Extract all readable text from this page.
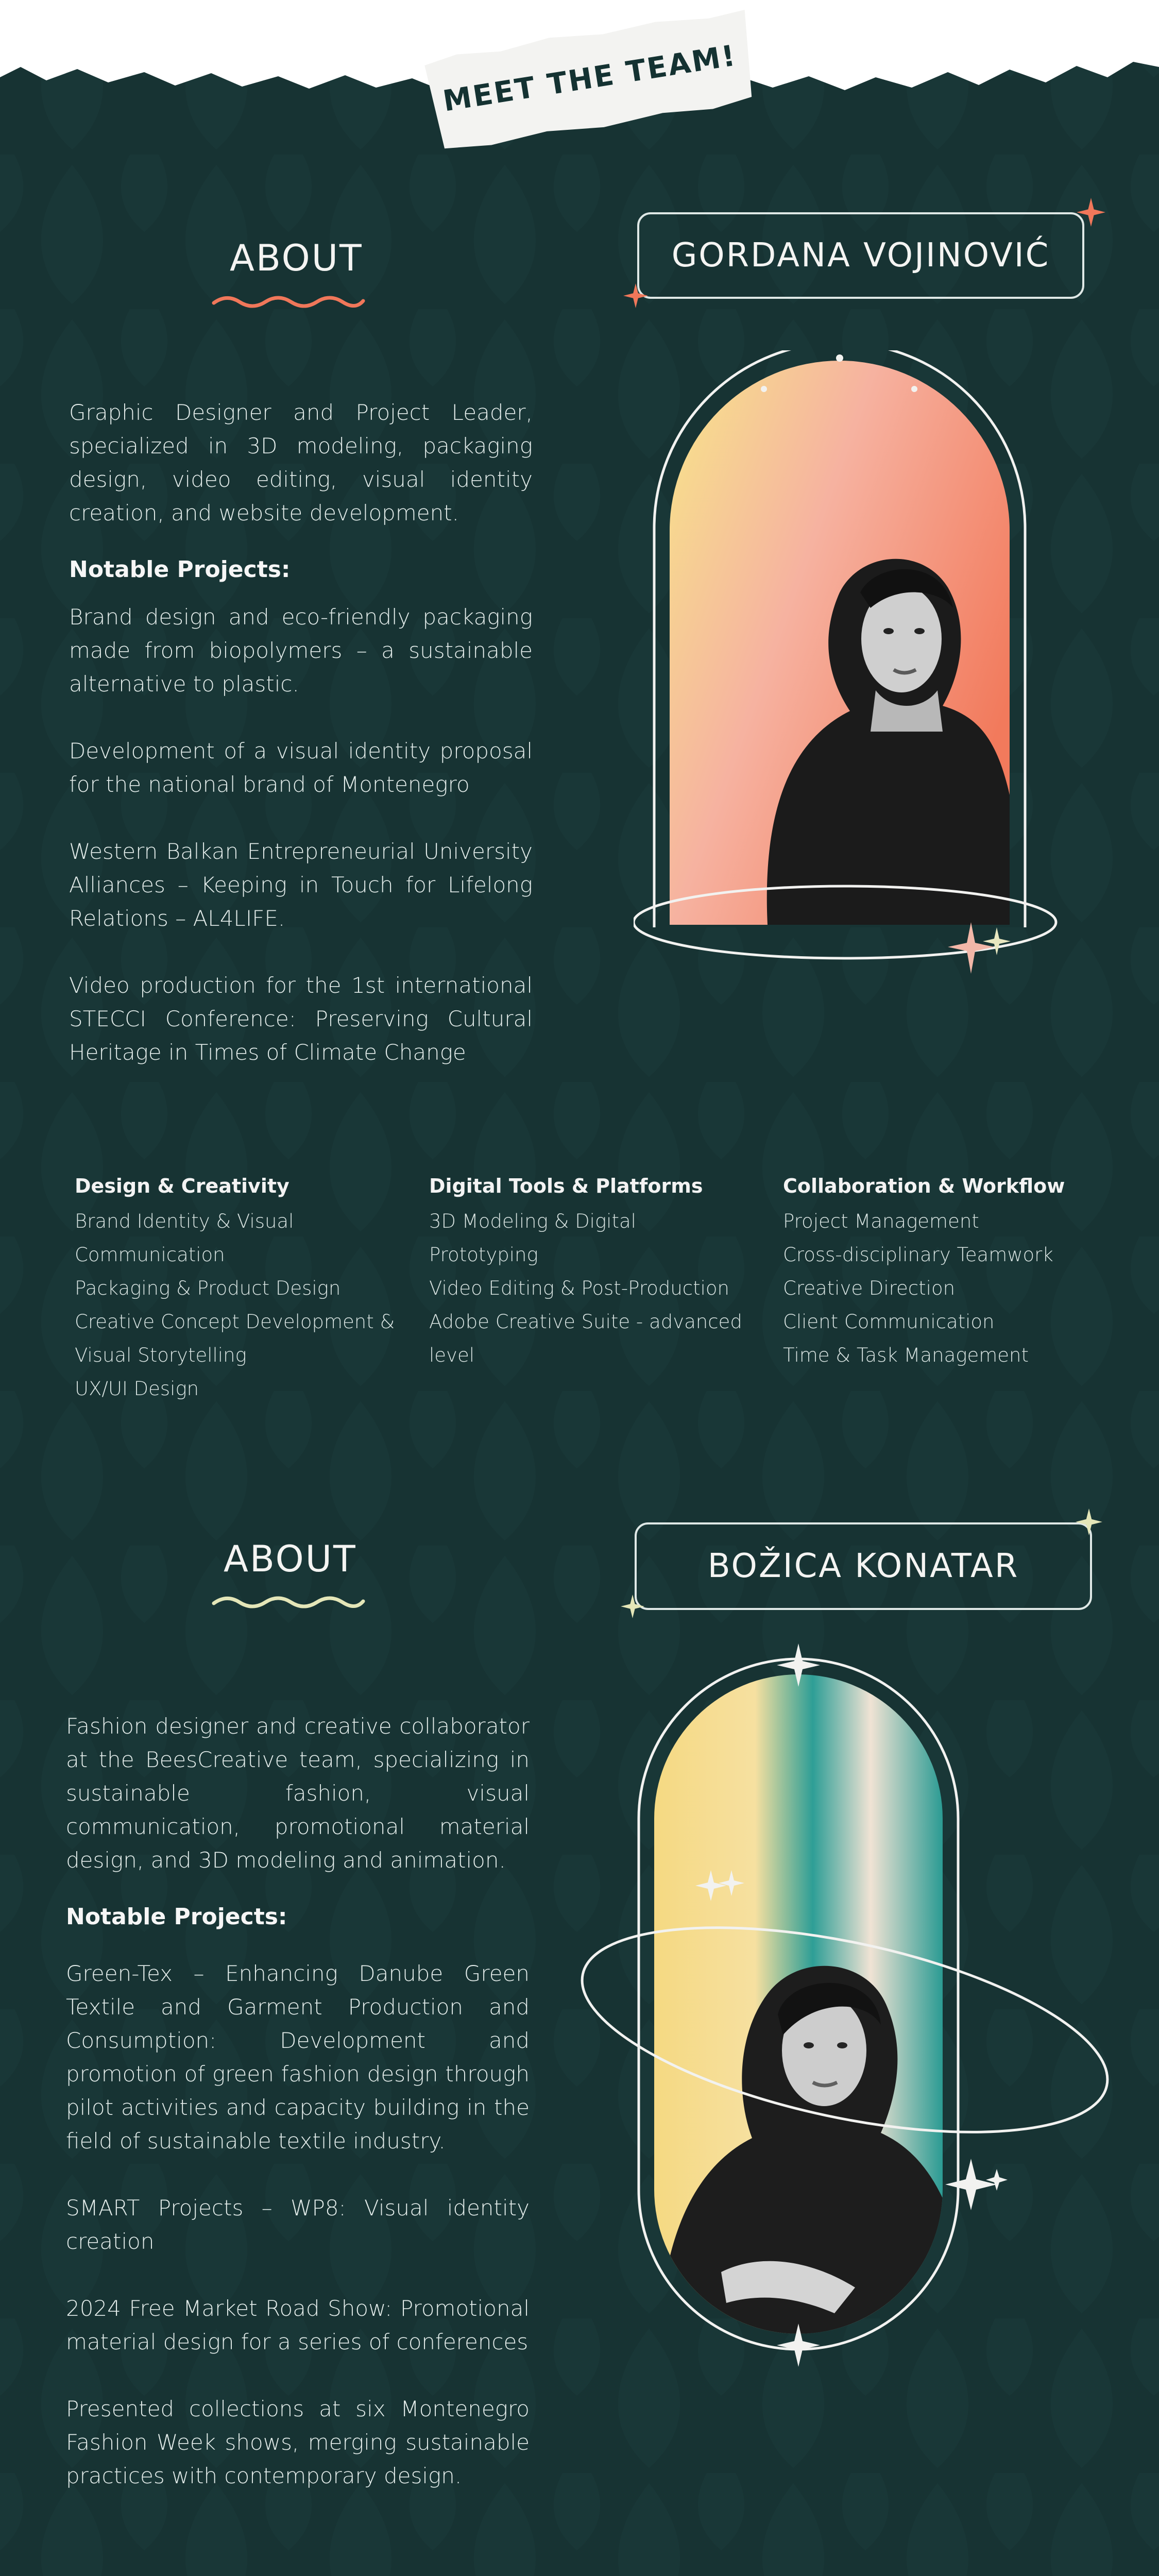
MEET THE TEAM!
ABOUT	GORDANA VOJINOVIĆ

Graphic Designer and Project Leader, specialized in 3D modeling, packaging design, video editing, visual identity creation, and website development.

Notable Projects:

Brand design and eco-friendly packaging made from biopolymers – a sustainable alternative to plastic.

Development of a visual identity proposal for the national brand of Montenegro

Western Balkan Entrepreneurial University Alliances – Keeping in Touch for Lifelong Relations – AL4LIFE.

Video production for the 1st international STECCI Conference: Preserving Cultural Heritage in Times of Climate Change

Design & Creativity
Brand Identity & Visual
Communication
Packaging & Product Design
Creative Concept Development &
Visual Storytelling
UX/UI Design
Digital Tools & Platforms
3D Modeling & Digital
Prototyping
Video Editing & Post-Production
Adobe Creative Suite - advanced
level
Collaboration & Workflow
Project Management
Cross-disciplinary Teamwork
Creative Direction
Client Communication
Time & Task Management
ABOUT	BOŽICA KONATAR

Fashion designer and creative collaborator at the BeesCreative team, specializing in sustainable fashion, visual communication, promotional material design, and 3D modeling and animation.

Notable Projects:

Green-Tex – Enhancing Danube Green Textile and Garment Production and Consumption: Development and promotion of green fashion design through pilot activities and capacity building in the field of sustainable textile industry.

SMART Projects – WP8: Visual identity creation

2024 Free Market Road Show: Promotional material design for a series of conferences

Presented collections at six Montenegro Fashion Week shows, merging sustainable practices with contemporary design.
